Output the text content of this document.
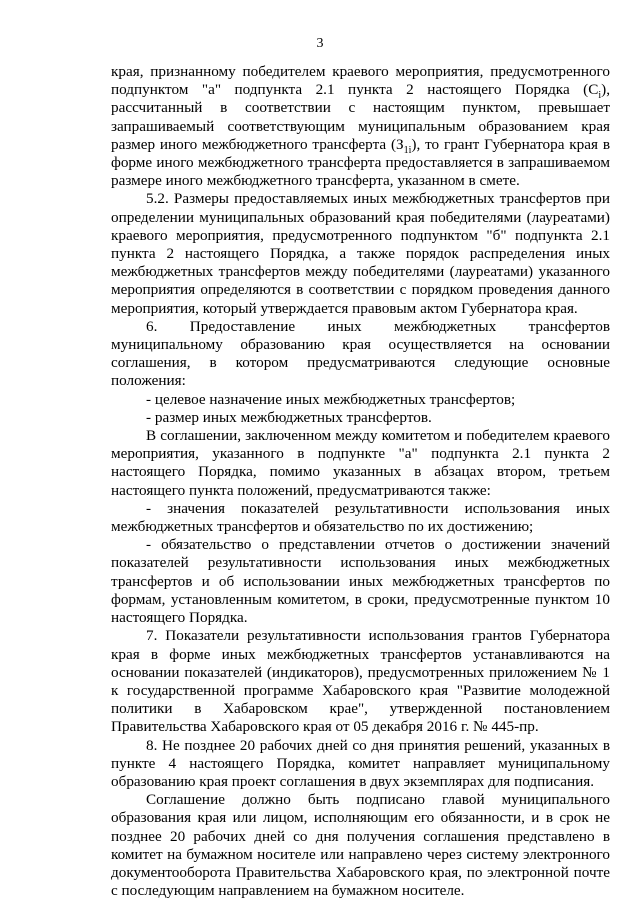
3

края, признанному победителем краевого мероприятия, предусмотренного подпунктом "а" подпункта 2.1 пункта 2 настоящего Порядка $(С_i)$, рассчитанный в соответствии с настоящим пунктом, превышает запрашиваемый соответствующим муниципальным образованием края размер иного межбюджетного трансферта $(З_{1i})$, то грант Губернатора края в форме иного межбюджетного трансферта предоставляется в запрашиваемом размере иного межбюджетного трансферта, указанном в смете.

5.2. Размеры предоставляемых иных межбюджетных трансфертов при определении муниципальных образований края победителями (лауреатами) краевого мероприятия, предусмотренного подпунктом "б" подпункта 2.1 пункта 2 настоящего Порядка, а также порядок распределения иных межбюджетных трансфертов между победителями (лауреатами) указанного мероприятия определяются в соответствии с порядком проведения данного мероприятия, который утверждается правовым актом Губернатора края.

6. Предоставление иных межбюджетных трансфертов муниципальному образованию края осуществляется на основании соглашения, в котором предусматриваются следующие основные положения:

- целевое назначение иных межбюджетных трансфертов;

- размер иных межбюджетных трансфертов.

В соглашении, заключенном между комитетом и победителем краевого мероприятия, указанного в подпункте "а" подпункта 2.1 пункта 2 настоящего Порядка, помимо указанных в абзацах втором, третьем настоящего пункта положений, предусматриваются также:

- значения показателей результативности использования иных межбюджетных трансфертов и обязательство по их достижению;

- обязательство о представлении отчетов о достижении значений показателей результативности использования иных межбюджетных трансфертов и об использовании иных межбюджетных трансфертов по формам, установленным комитетом, в сроки, предусмотренные пунктом 10 настоящего Порядка.

7. Показатели результативности использования грантов Губернатора края в форме иных межбюджетных трансфертов устанавливаются на основании показателей (индикаторов), предусмотренных приложением № 1 к государственной программе Хабаровского края "Развитие молодежной политики в Хабаровском крае", утвержденной постановлением Правительства Хабаровского края от 05 декабря 2016 г. № 445-пр.

8. Не позднее 20 рабочих дней со дня принятия решений, указанных в пункте 4 настоящего Порядка, комитет направляет муниципальному образованию края проект соглашения в двух экземплярах для подписания.

Соглашение должно быть подписано главой муниципального образования края или лицом, исполняющим его обязанности, и в срок не позднее 20 рабочих дней со дня получения соглашения представлено в комитет на бумажном носителе или направлено через систему электронного документооборота Правительства Хабаровского края, по электронной почте с последующим направлением на бумажном носителе.
